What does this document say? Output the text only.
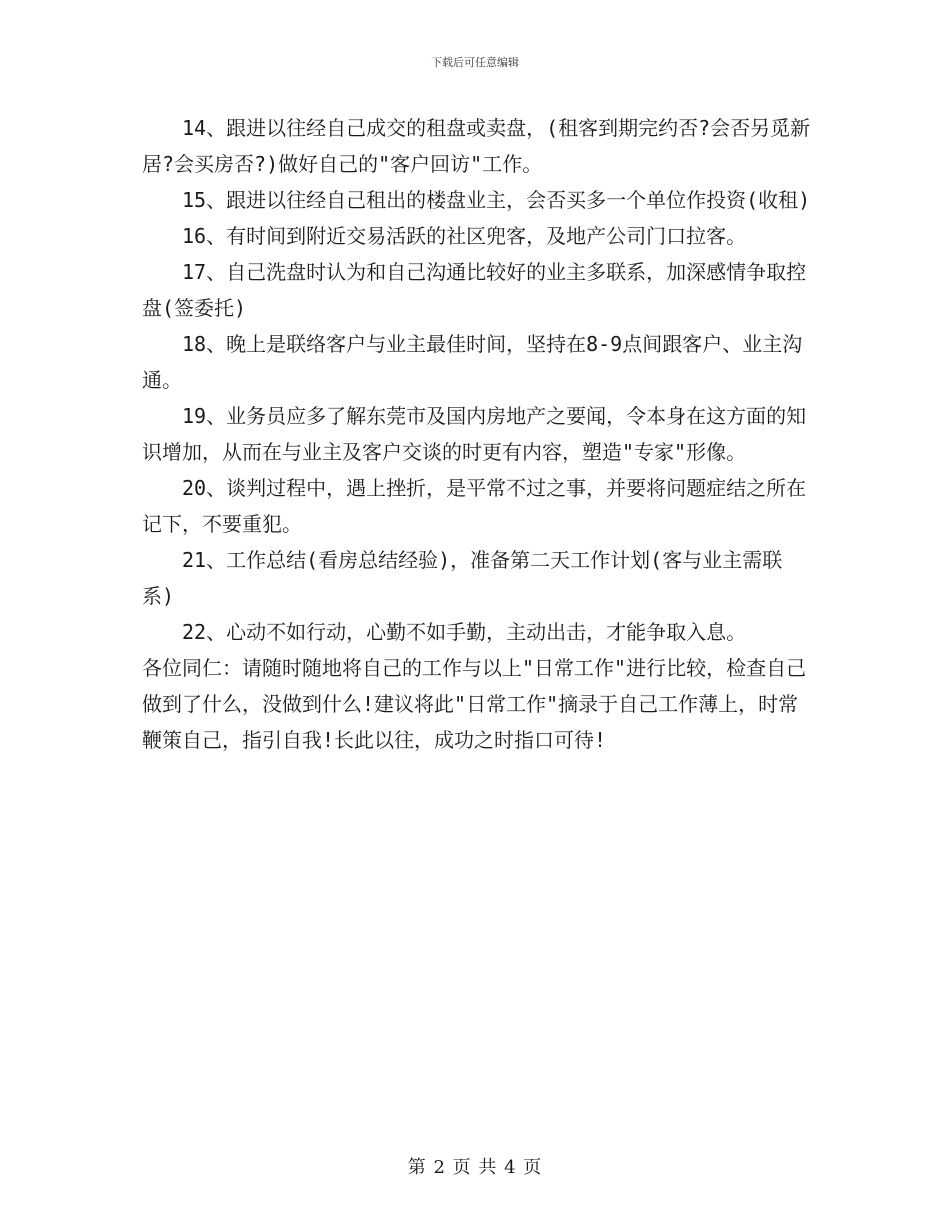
下载后可任意编辑

14、跟进以往经自己成交的租盘或卖盘，(租客到期完约否?会否另觅新居?会买房否?)做好自己的"客户回访"工作。

15、跟进以往经自己租出的楼盘业主，会否买多一个单位作投资(收租)

16、有时间到附近交易活跃的社区兜客，及地产公司门口拉客。

17、自己洗盘时认为和自己沟通比较好的业主多联系，加深感情争取控盘(签委托)

18、晚上是联络客户与业主最佳时间，坚持在8-9点间跟客户、业主沟通。

19、业务员应多了解东莞市及国内房地产之要闻，令本身在这方面的知识增加，从而在与业主及客户交谈的时更有内容，塑造"专家"形像。

20、谈判过程中，遇上挫折，是平常不过之事，并要将问题症结之所在记下，不要重犯。

21、工作总结(看房总结经验)，准备第二天工作计划(客与业主需联系)

22、心动不如行动，心勤不如手勤，主动出击，才能争取入息。

各位同仁：请随时随地将自己的工作与以上"日常工作"进行比较，检查自己做到了什么，没做到什么!建议将此"日常工作"摘录于自己工作薄上，时常鞭策自己，指引自我!长此以往，成功之时指口可待!

第 2 页 共 4 页
